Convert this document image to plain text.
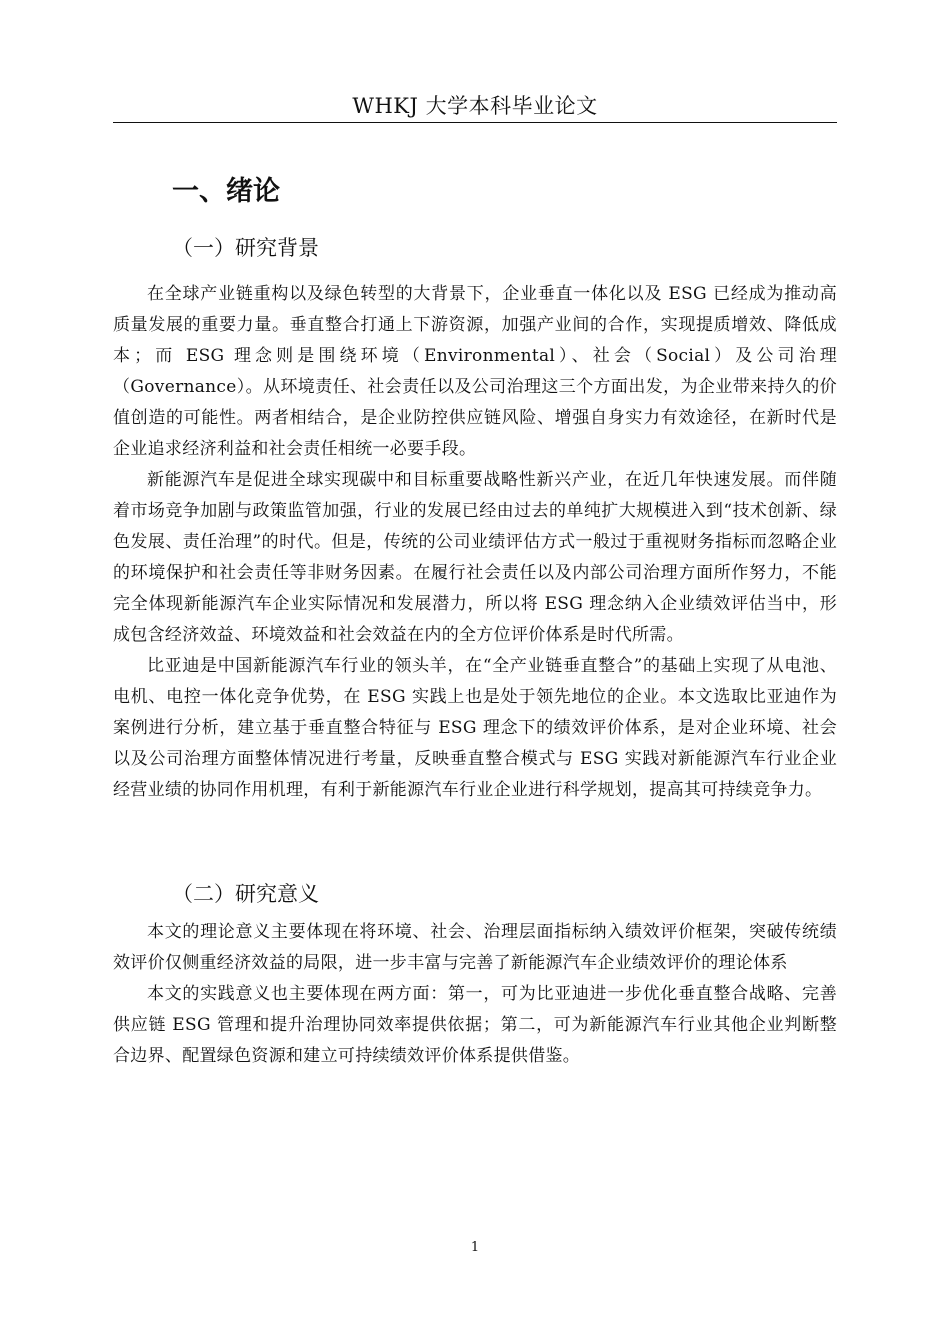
WHKJ 大学本科毕业论文
一、绪论
（一）研究背景

在全球产业链重构以及绿色转型的大背景下，企业垂直一体化以及 ESG 已经成为推动高质量发展的重要力量。垂直整合打通上下游资源，加强产业间的合作，实现提质增效、降低成本；而 ESG 理念则是围绕环境（Environmental）、社会（Social）及公司治理（Governance）。从环境责任、社会责任以及公司治理这三个方面出发，为企业带来持久的价值创造的可能性。两者相结合，是企业防控供应链风险、增强自身实力有效途径，在新时代是企业追求经济利益和社会责任相统一必要手段。

新能源汽车是促进全球实现碳中和目标重要战略性新兴产业，在近几年快速发展。而伴随着市场竞争加剧与政策监管加强，行业的发展已经由过去的单纯扩大规模进入到“技术创新、绿色发展、责任治理”的时代。但是，传统的公司业绩评估方式一般过于重视财务指标而忽略企业的环境保护和社会责任等非财务因素。在履行社会责任以及内部公司治理方面所作努力，不能完全体现新能源汽车企业实际情况和发展潜力，所以将 ESG 理念纳入企业绩效评估当中，形成包含经济效益、环境效益和社会效益在内的全方位评价体系是时代所需。

比亚迪是中国新能源汽车行业的领头羊，在“全产业链垂直整合”的基础上实现了从电池、电机、电控一体化竞争优势，在 ESG 实践上也是处于领先地位的企业。本文选取比亚迪作为案例进行分析，建立基于垂直整合特征与 ESG 理念下的绩效评价体系，是对企业环境、社会以及公司治理方面整体情况进行考量，反映垂直整合模式与 ESG 实践对新能源汽车行业企业经营业绩的协同作用机理，有利于新能源汽车行业企业进行科学规划，提高其可持续竞争力。

（二）研究意义

本文的理论意义主要体现在将环境、社会、治理层面指标纳入绩效评价框架，突破传统绩效评价仅侧重经济效益的局限，进一步丰富与完善了新能源汽车企业绩效评价的理论体系

本文的实践意义也主要体现在两方面：第一，可为比亚迪进一步优化垂直整合战略、完善供应链 ESG 管理和提升治理协同效率提供依据；第二，可为新能源汽车行业其他企业判断整合边界、配置绿色资源和建立可持续绩效评价体系提供借鉴。

1
